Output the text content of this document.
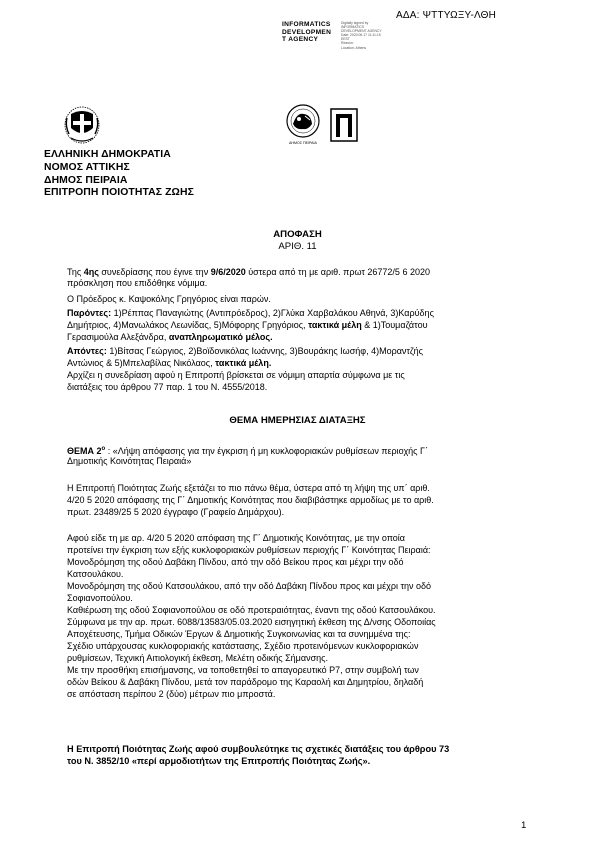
ΑΔΑ: ΨΤΤΥΩΞΥ-ΛΘΗ
INFORMATICS
DEVELOPMEN
T AGENCY
Digitally signed by
INFORMATICS
DEVELOPMENT AGENCY
Date: 2020.06.17 11:11:15
EEST
Reason:
Location: Athens
ΔΗΜΟΣ ΠΕΙΡΑΙΑ
ΕΛΛΗΝΙΚΗ ΔΗΜΟΚΡΑΤΙΑ
ΝΟΜΟΣ ΑΤΤΙΚΗΣ
ΔΗΜΟΣ ΠΕΙΡΑΙΑ
ΕΠΙΤΡΟΠΗ ΠΟΙΟΤΗΤΑΣ ΖΩΗΣ
ΑΠΟΦΑΣΗ
ΑΡΙΘ. 11
Της 4ης συνεδρίασης που έγινε την 9/6/2020 ύστερα από τη με αριθ. πρωτ 26772/5 6 2020
πρόσκληση που επιδόθηκε νόμιμα.
Ο Πρόεδρος κ. Καψοκόλης Γρηγόριος είναι παρών.
Παρόντες: 1)Ρέππας Παναγιώτης (Αντιπρόεδρος), 2)Γλύκα Χαρβαλάκου Αθηνά, 3)Καρύδης
Δημήτριος, 4)Μανωλάκος Λεωνίδας, 5)Μόφορης Γρηγόριος, τακτικά μέλη & 1)Τουμαζάτου
Γερασιμούλα Αλεξάνδρα, αναπληρωματικό μέλος.
Απόντες: 1)Βίτσας Γεώργιος, 2)Βοϊδονικόλας Ιωάννης, 3)Βουράκης Ιωσήφ, 4)Μοραντζής
Αντώνιος & 5)Μπελαβίλας Νικόλαος, τακτικά μέλη.
Αρχίζει η συνεδρίαση αφού η Επιτροπή βρίσκεται σε νόμιμη απαρτία σύμφωνα με τις
διατάξεις του άρθρου 77 παρ. 1 του Ν. 4555/2018.
ΘΕΜΑ ΗΜΕΡΗΣΙΑΣ ΔΙΑΤΑΞΗΣ
ΘΕΜΑ $2^o$ : «Λήψη απόφασης για την έγκριση ή μη κυκλοφοριακών ρυθμίσεων περιοχής Γ΄
Δημοτικής Κοινότητας Πειραιά»
Η Επιτροπή Ποιότητας Ζωής εξετάζει το πιο πάνω θέμα, ύστερα από τη λήψη της υπ΄ αριθ.
4/20 5 2020 απόφασης της Γ΄ Δημοτικής Κοινότητας που διαβιβάστηκε αρμοδίως με το αριθ.
πρωτ. 23489/25 5 2020 έγγραφο (Γραφείο Δημάρχου).
Αφού είδε τη με αρ. 4/20 5 2020 απόφαση της Γ΄ Δημοτικής Κοινότητας, με την οποία
προτείνει την έγκριση των εξής κυκλοφοριακών ρυθμίσεων περιοχής Γ΄ Κοινότητας Πειραιά:
Μονοδρόμηση της οδού Δαβάκη Πίνδου, από την οδό Βείκου προς και μέχρι την οδό
Κατσουλάκου.
Μονοδρόμηση της οδού Κατσουλάκου, από την οδό Δαβάκη Πίνδου προς και μέχρι την οδό
Σοφιανοπούλου.
Καθιέρωση της οδού Σοφιανοπούλου σε οδό προτεραιότητας, έναντι της οδού Κατσουλάκου.
Σύμφωνα με την αρ. πρωτ. 6088/13583/05.03.2020 εισηγητική έκθεση της Δ/νσης Οδοποιίας
Αποχέτευσης, Τμήμα Οδικών Έργων & Δημοτικής Συγκοινωνίας και τα συνημμένα της:
Σχέδιο υπάρχουσας κυκλοφοριακής κατάστασης, Σχέδιο προτεινόμενων κυκλοφοριακών
ρυθμίσεων, Τεχνική Αιτιολογική έκθεση, Μελέτη οδικής Σήμανσης.
Με την προσθήκη επισήμανσης, να τοποθετηθεί το απαγορευτικό Ρ7, στην συμβολή των
οδών Βείκου & Δαβάκη Πίνδου, μετά τον παράδρομο της Καραολή και Δημητρίου, δηλαδή
σε απόσταση περίπου 2 (δύο) μέτρων πιο μπροστά.
Η Επιτροπή Ποιότητας Ζωής αφού συμβουλεύτηκε τις σχετικές διατάξεις του άρθρου 73
του Ν. 3852/10 «περί αρμοδιοτήτων της Επιτροπής Ποιότητας Ζωής».
1
